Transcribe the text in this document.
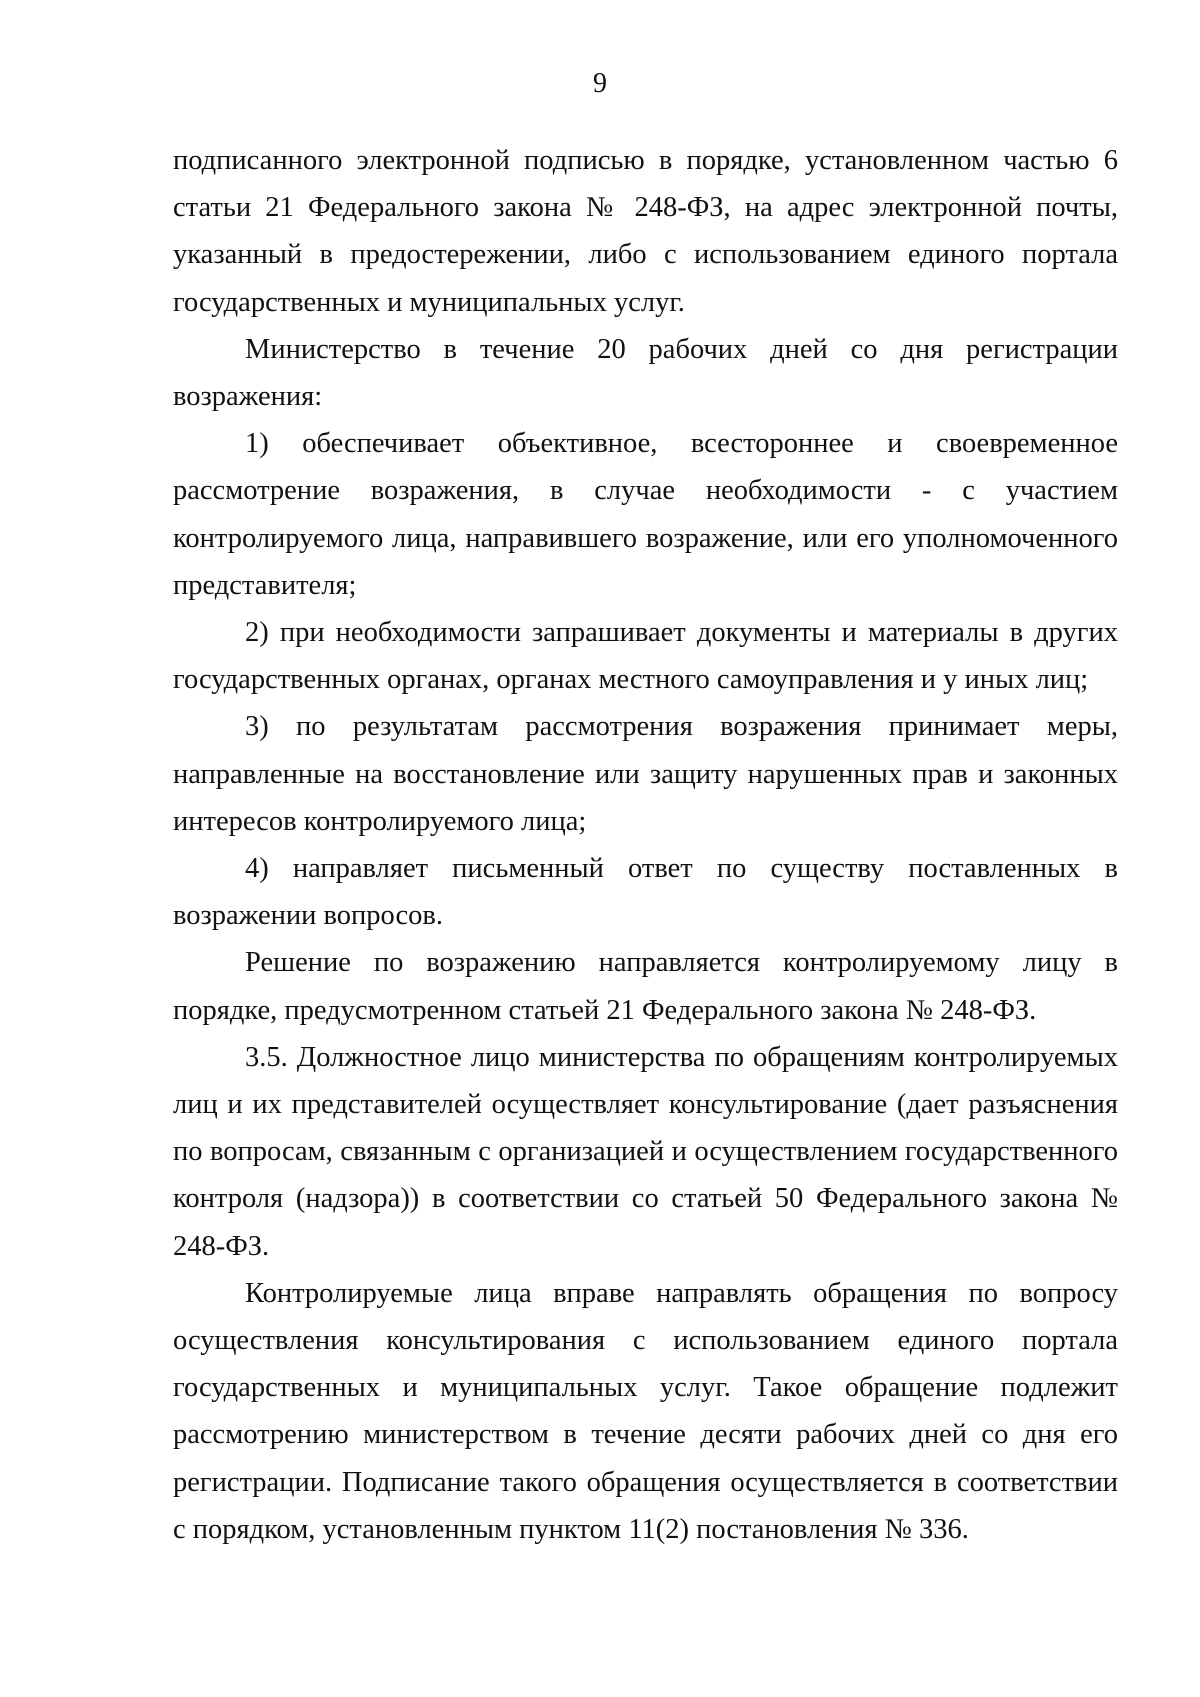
9

подписанного электронной подписью в порядке, установленном частью 6 статьи 21 Федерального закона № 248-ФЗ, на адрес электронной почты, указанный в предостережении, либо с использованием единого портала государственных и муниципальных услуг.

Министерство в течение 20 рабочих дней со дня регистрации возражения:

1) обеспечивает объективное, всестороннее и своевременное рассмотрение возражения, в случае необходимости - с участием контролируемого лица, направившего возражение, или его уполномоченного представителя;

2) при необходимости запрашивает документы и материалы в других государственных органах, органах местного самоуправления и у иных лиц;

3) по результатам рассмотрения возражения принимает меры, направленные на восстановление или защиту нарушенных прав и законных интересов контролируемого лица;

4) направляет письменный ответ по существу поставленных в возражении вопросов.

Решение по возражению направляется контролируемому лицу в порядке, предусмотренном статьей 21 Федерального закона № 248-ФЗ.

3.5. Должностное лицо министерства по обращениям контролируемых лиц и их представителей осуществляет консультирование (дает разъяснения по вопросам, связанным с организацией и осуществлением государственного контроля (надзора)) в соответствии со статьей 50 Федерального закона № 248-ФЗ.

Контролируемые лица вправе направлять обращения по вопросу осуществления консультирования с использованием единого портала государственных и муниципальных услуг. Такое обращение подлежит рассмотрению министерством в течение десяти рабочих дней со дня его регистрации. Подписание такого обращения осуществляется в соответствии с порядком, установленным пунктом 11(2) постановления № 336.
